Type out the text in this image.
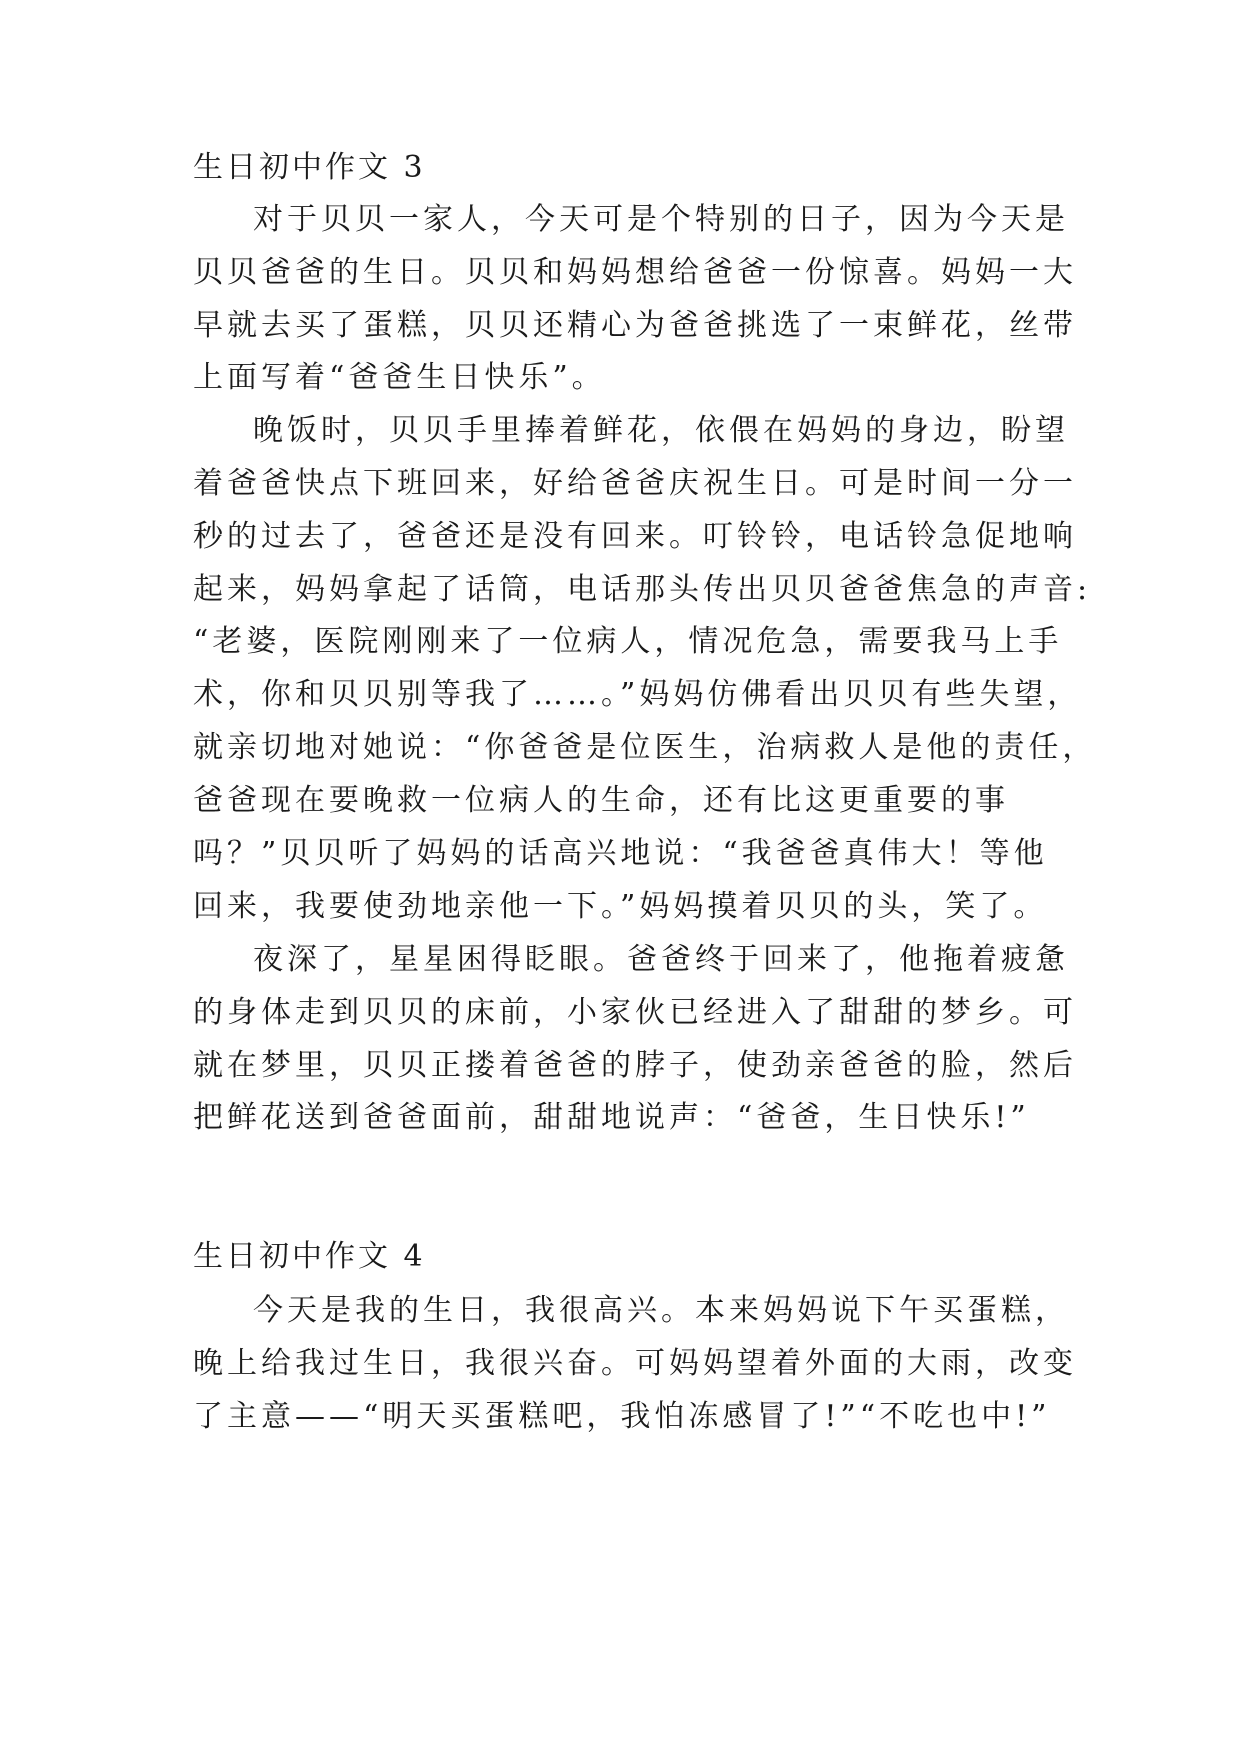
生日初中作文 3
对于贝贝一家人，今天可是个特别的日子，因为今天是
贝贝爸爸的生日。贝贝和妈妈想给爸爸一份惊喜。妈妈一大
早就去买了蛋糕，贝贝还精心为爸爸挑选了一束鲜花，丝带
上面写着“爸爸生日快乐”。
晚饭时，贝贝手里捧着鲜花，依偎在妈妈的身边，盼望
着爸爸快点下班回来，好给爸爸庆祝生日。可是时间一分一
秒的过去了，爸爸还是没有回来。叮铃铃，电话铃急促地响
起来，妈妈拿起了话筒，电话那头传出贝贝爸爸焦急的声音:
“老婆，医院刚刚来了一位病人，情况危急，需要我马上手
术，你和贝贝别等我了……。”妈妈仿佛看出贝贝有些失望，
就亲切地对她说：“你爸爸是位医生，治病救人是他的责任，
爸爸现在要晚救一位病人的生命，还有比这更重要的事
吗？”贝贝听了妈妈的话高兴地说：“我爸爸真伟大！等他
回来，我要使劲地亲他一下。”妈妈摸着贝贝的头，笑了。
夜深了，星星困得眨眼。爸爸终于回来了，他拖着疲惫
的身体走到贝贝的床前，小家伙已经进入了甜甜的梦乡。可
就在梦里，贝贝正搂着爸爸的脖子，使劲亲爸爸的脸，然后
把鲜花送到爸爸面前，甜甜地说声：“爸爸，生日快乐!”
生日初中作文 4
今天是我的生日，我很高兴。本来妈妈说下午买蛋糕，
晚上给我过生日，我很兴奋。可妈妈望着外面的大雨，改变
了主意——“明天买蛋糕吧，我怕冻感冒了!”“不吃也中!”
